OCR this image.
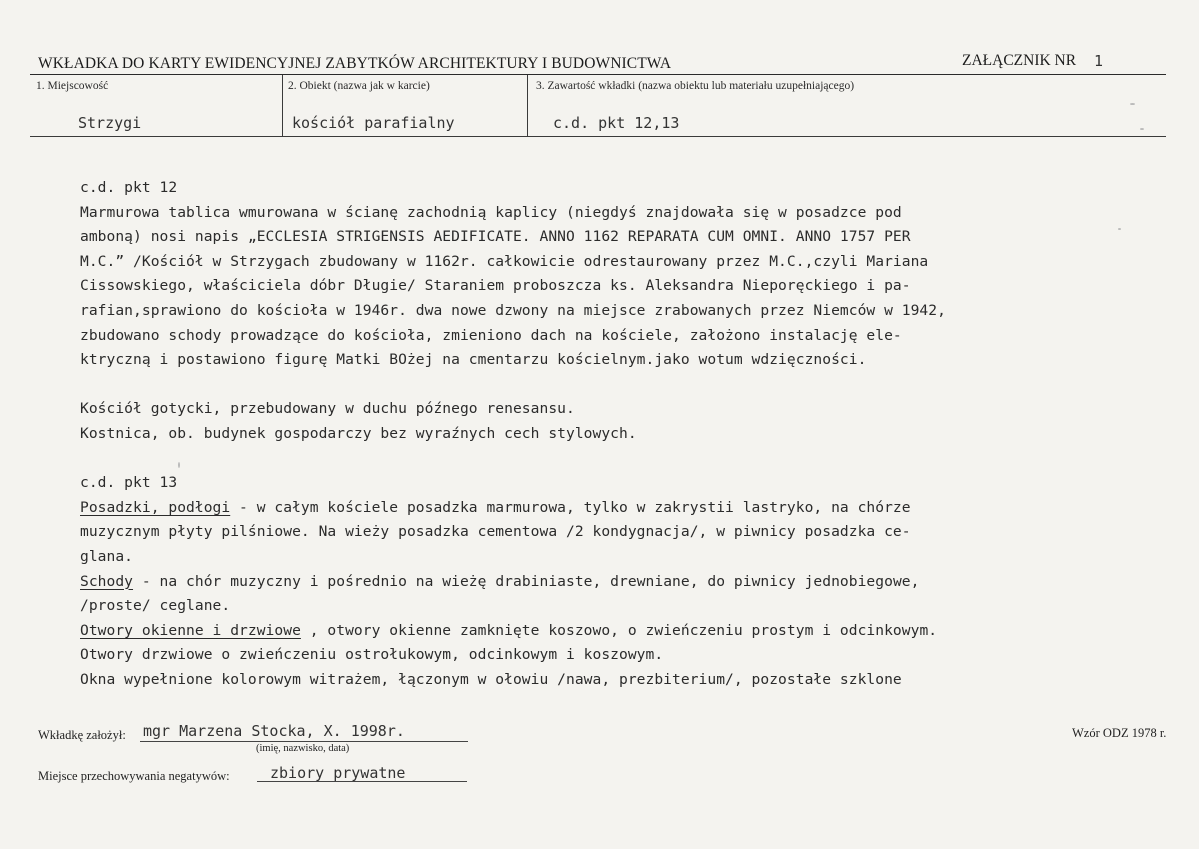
WKŁADKA DO KARTY EWIDENCYJNEJ ZABYTKÓW ARCHITEKTURY I BUDOWNICTWA	ZAŁĄCZNIK NR 1
1. Miejscowość	2. Obiekt (nazwa jak w karcie)	3. Zawartość wkładki (nazwa obiektu lub materiału uzupełniającego)
Strzygi	kościół parafialny	c.d. pkt 12,13

c.d. pkt 12

Marmurowa tablica wmurowana w ścianę zachodnią kaplicy (niegdyś znajdowała się w posadzce pod

amboną) nosi napis „ECCLESIA STRIGENSIS AEDIFICATE. ANNO 1162 REPARATA CUM OMNI. ANNO 1757 PER

M.C.” /Kościół w Strzygach zbudowany w 1162r. całkowicie odrestaurowany przez M.C.,czyli Mariana

Cissowskiego, właściciela dóbr Długie/ Staraniem proboszcza ks. Aleksandra Nieporęckiego i pa-

rafian,sprawiono do kościoła w 1946r. dwa nowe dzwony na miejsce zrabowanych przez Niemców w 1942,

zbudowano schody prowadzące do kościoła, zmieniono dach na kościele, założono instalację ele-

ktryczną i postawiono figurę Matki BOżej na cmentarzu kościelnym.jako wotum wdzięczności.

Kościół gotycki, przebudowany w duchu późnego renesansu.

Kostnica, ob. budynek gospodarczy bez wyraźnych cech stylowych.

c.d. pkt 13

Posadzki, podłogi - w całym kościele posadzka marmurowa, tylko w zakrystii lastryko, na chórze

muzycznym płyty pilśniowe. Na wieży posadzka cementowa /2 kondygnacja/, w piwnicy posadzka ce-

glana.

Schody - na chór muzyczny i pośrednio na wieżę drabiniaste, drewniane, do piwnicy jednobiegowe,

/proste/ ceglane.

Otwory okienne i drzwiowe , otwory okienne zamknięte koszowo, o zwieńczeniu prostym i odcinkowym.

Otwory drzwiowe o zwieńczeniu ostrołukowym, odcinkowym i koszowym.

Okna wypełnione kolorowym witrażem, łączonym w ołowiu /nawa, prezbiterium/, pozostałe szklone

Wkładkę założył: mgr Marzena Stocka, X. 1998r.
(imię, nazwisko, data)
Miejsce przechowywania negatywów:	zbiory prywatne
Wzór ODZ 1978 r.
